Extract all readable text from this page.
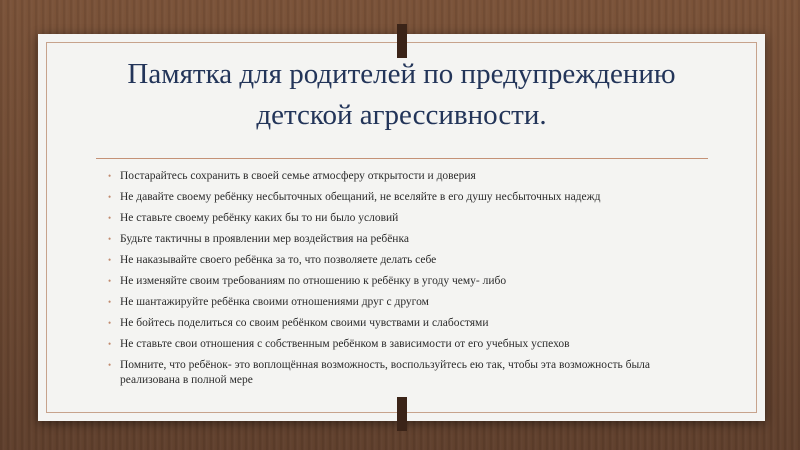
Памятка для родителей по предупреждению детской агрессивности.
• Постарайтесь сохранить в своей семье атмосферу открытости и доверия
• Не давайте своему ребёнку несбыточных обещаний, не вселяйте в его душу несбыточных надежд
• Не ставьте своему ребёнку каких бы то ни было условий
• Будьте тактичны в проявлении мер воздействия на ребёнка
• Не наказывайте своего ребёнка за то, что позволяете делать себе
• Не изменяйте своим требованиям по отношению к ребёнку в угоду чему- либо
• Не шантажируйте ребёнка своими отношениями друг с другом
• Не бойтесь поделиться со своим ребёнком своими чувствами и слабостями
• Не ставьте свои отношения с собственным ребёнком в зависимости от его учебных успехов
• Помните, что ребёнок- это воплощённая возможность, воспользуйтесь ею так, чтобы эта возможность была реализована в полной мере
